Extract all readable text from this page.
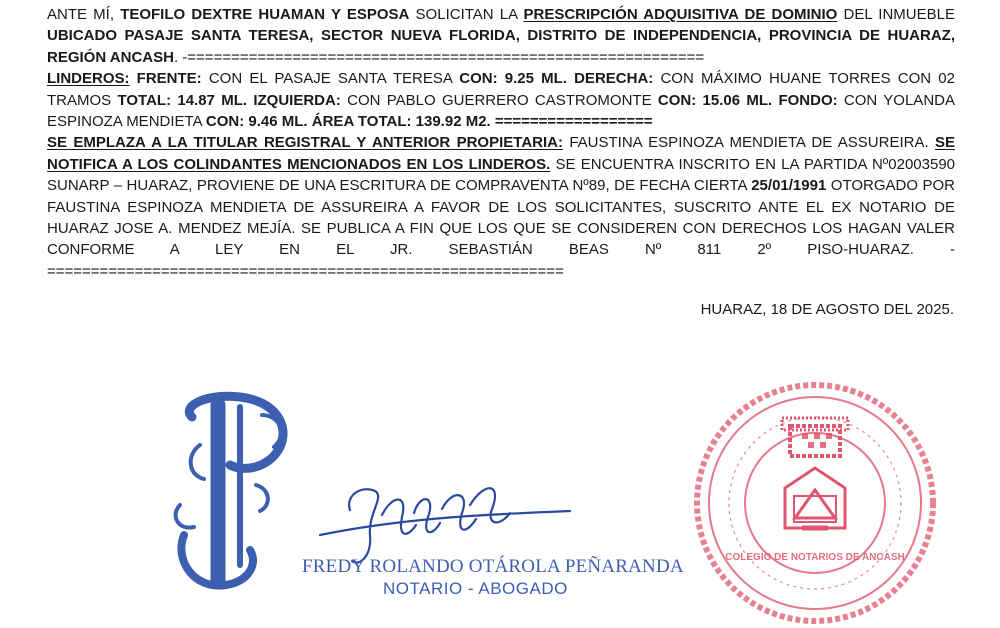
ANTE MÍ, TEOFILO DEXTRE HUAMAN Y ESPOSA SOLICITAN LA PRESCRIPCIÓN ADQUISITIVA DE DOMINIO DEL INMUEBLE UBICADO PASAJE SANTA TERESA, SECTOR NUEVA FLORIDA, DISTRITO DE INDEPENDENCIA, PROVINCIA DE HUARAZ, REGIÓN ANCASH. -===========================================================

LINDEROS: FRENTE: CON EL PASAJE SANTA TERESA CON: 9.25 ML. DERECHA: CON MÁXIMO HUANE TORRES CON 02 TRAMOS TOTAL: 14.87 ML. IZQUIERDA: CON PABLO GUERRERO CASTROMONTE CON: 15.06 ML. FONDO: CON YOLANDA ESPINOZA MENDIETA CON: 9.46 ML. ÁREA TOTAL: 139.92 M2. ==================

SE EMPLAZA A LA TITULAR REGISTRAL Y ANTERIOR PROPIETARIA: FAUSTINA ESPINOZA MENDIETA DE ASSUREIRA. SE NOTIFICA A LOS COLINDANTES MENCIONADOS EN LOS LINDEROS. SE ENCUENTRA INSCRITO EN LA PARTIDA Nº02003590 SUNARP – HUARAZ, PROVIENE DE UNA ESCRITURA DE COMPRAVENTA Nº89, DE FECHA CIERTA 25/01/1991 OTORGADO POR FAUSTINA ESPINOZA MENDIETA DE ASSUREIRA A FAVOR DE LOS SOLICITANTES, SUSCRITO ANTE EL EX NOTARIO DE HUARAZ JOSE A. MENDEZ MEJÍA. SE PUBLICA A FIN QUE LOS QUE SE CONSIDEREN CON DERECHOS LOS HAGAN VALER CONFORME A LEY EN EL JR. SEBASTIÁN BEAS Nº 811 2º PISO-HUARAZ. -===========================================================

HUARAZ, 18 DE AGOSTO DEL 2025.
FREDY ROLANDO OTÁROLA PEÑARANDA
NOTARIO - ABOGADO
COLEGIO DE NOTARIOS DE ANCASH
